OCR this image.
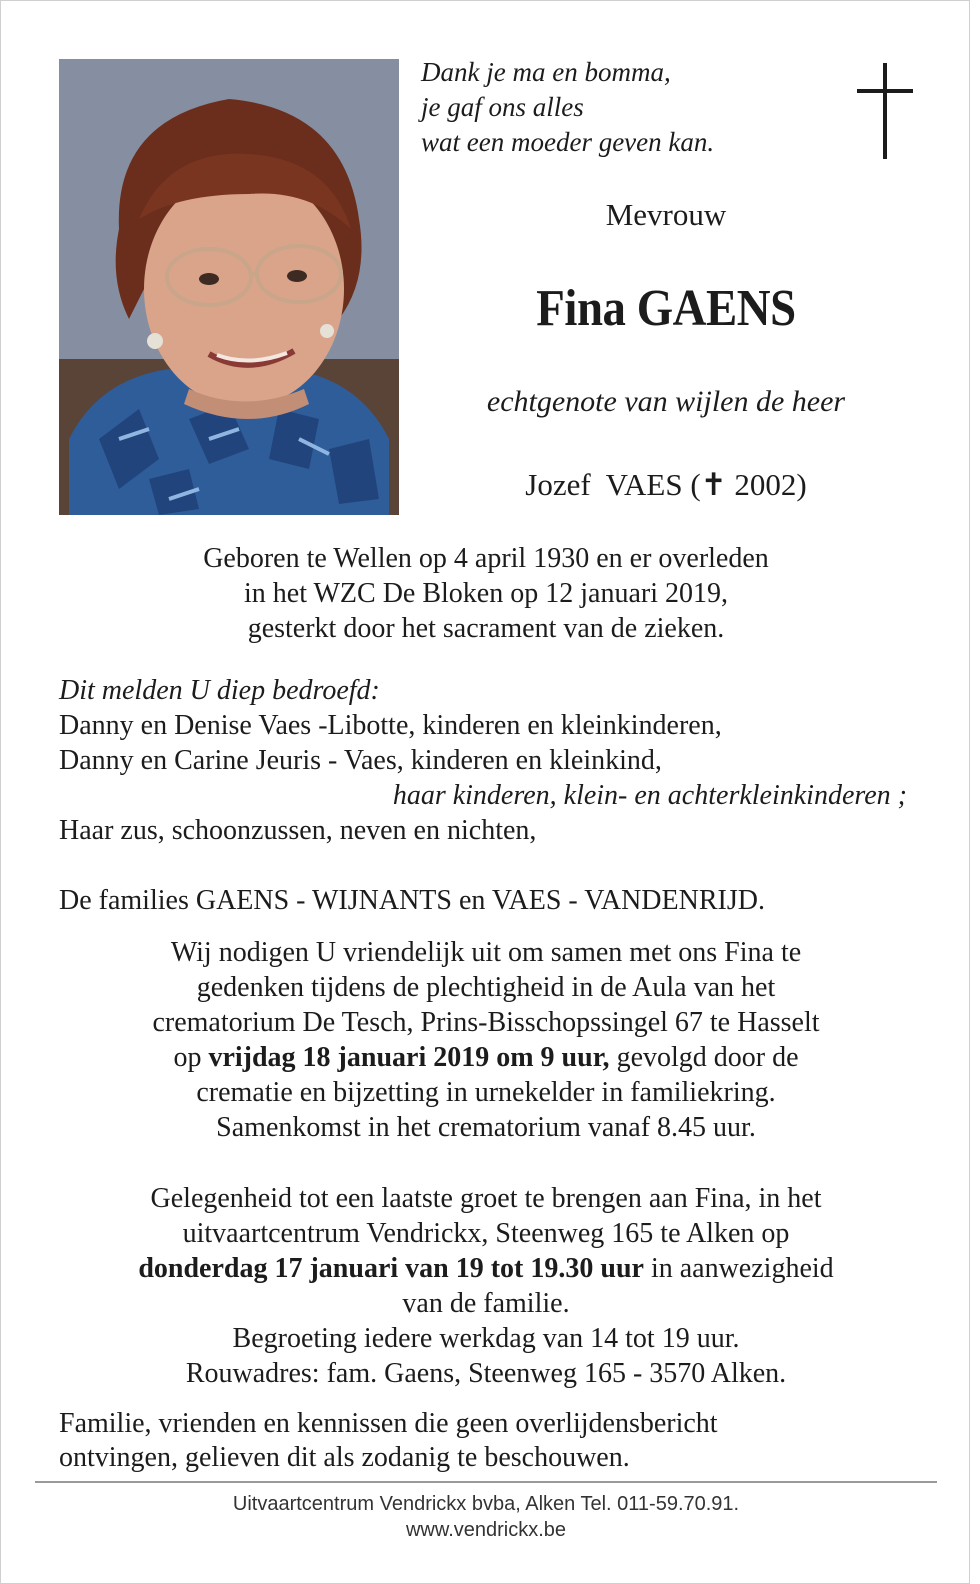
Dank je ma en bomma,
je gaf ons alles
wat een moeder geven kan.
Mevrouw
Fina GAENS
echtgenote van wijlen de heer
Jozef  VAES (✝ 2002)
Geboren te Wellen op 4 april 1930 en er overleden
in het WZC De Bloken op 12 januari 2019,
gesterkt door het sacrament van de zieken.
Dit melden U diep bedroefd:
Danny en Denise Vaes -Libotte, kinderen en kleinkinderen,
Danny en Carine Jeuris - Vaes, kinderen en kleinkind,
haar kinderen, klein- en achterkleinkinderen ;
Haar zus, schoonzussen, neven en nichten,
De families GAENS - WIJNANTS en VAES - VANDENRIJD.
Wij nodigen U vriendelijk uit om samen met ons Fina te
gedenken tijdens de plechtigheid in de Aula van het
crematorium De Tesch, Prins-Bisschopssingel 67 te Hasselt
op vrijdag 18 januari 2019 om 9 uur, gevolgd door de
crematie en bijzetting in urnekelder in familiekring.
Samenkomst in het crematorium vanaf 8.45 uur.
Gelegenheid tot een laatste groet te brengen aan Fina, in het
uitvaartcentrum Vendrickx, Steenweg 165 te Alken op
donderdag 17 januari van 19 tot 19.30 uur in aanwezigheid
van de familie.
Begroeting iedere werkdag van 14 tot 19 uur.
Rouwadres: fam. Gaens, Steenweg 165 - 3570 Alken.
Familie, vrienden en kennissen die geen overlijdensbericht
ontvingen, gelieven dit als zodanig te beschouwen.
Uitvaartcentrum Vendrickx bvba, Alken Tel. 011-59.70.91.
www.vendrickx.be
